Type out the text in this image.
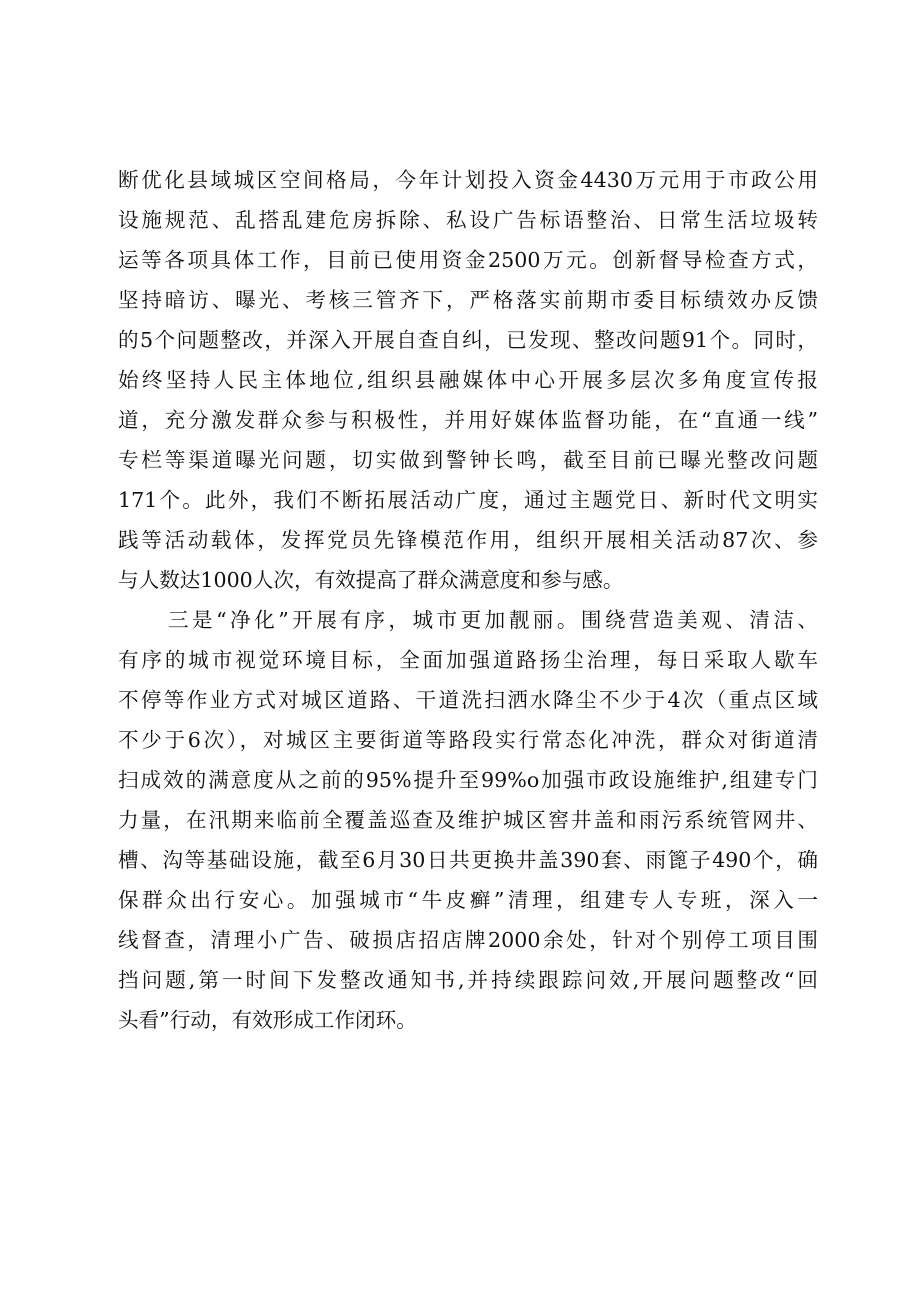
断优化县域城区空间格局，今年计划投入资金4430万元用于市政公用
设施规范、乱搭乱建危房拆除、私设广告标语整治、日常生活垃圾转
运等各项具体工作，目前已使用资金2500万元。创新督导检查方式，
坚持暗访、曝光、考核三管齐下，严格落实前期市委目标绩效办反馈
的5个问题整改，并深入开展自查自纠，已发现、整改问题91个。同时，
始终坚持人民主体地位,组织县融媒体中心开展多层次多角度宣传报
道，充分激发群众参与积极性，并用好媒体监督功能，在“直通一线”
专栏等渠道曝光问题，切实做到警钟长鸣，截至目前已曝光整改问题
171个。此外，我们不断拓展活动广度，通过主题党日、新时代文明实
践等活动载体，发挥党员先锋模范作用，组织开展相关活动87次、参
与人数达1000人次，有效提高了群众满意度和参与感。
三是“净化”开展有序，城市更加靓丽。围绕营造美观、清洁、
有序的城市视觉环境目标，全面加强道路扬尘治理，每日采取人歇车
不停等作业方式对城区道路、干道洗扫洒水降尘不少于4次（重点区域
不少于6次），对城区主要街道等路段实行常态化冲洗，群众对街道清
扫成效的满意度从之前的95%提升至99%o加强市政设施维护,组建专门
力量，在汛期来临前全覆盖巡查及维护城区窖井盖和雨污系统管网井、
槽、沟等基础设施，截至6月30日共更换井盖390套、雨篦子490个，确
保群众出行安心。加强城市“牛皮癣”清理，组建专人专班，深入一
线督查，清理小广告、破损店招店牌2000余处，针对个别停工项目围
挡问题,第一时间下发整改通知书,并持续跟踪问效,开展问题整改“回
头看”行动，有效形成工作闭环。
